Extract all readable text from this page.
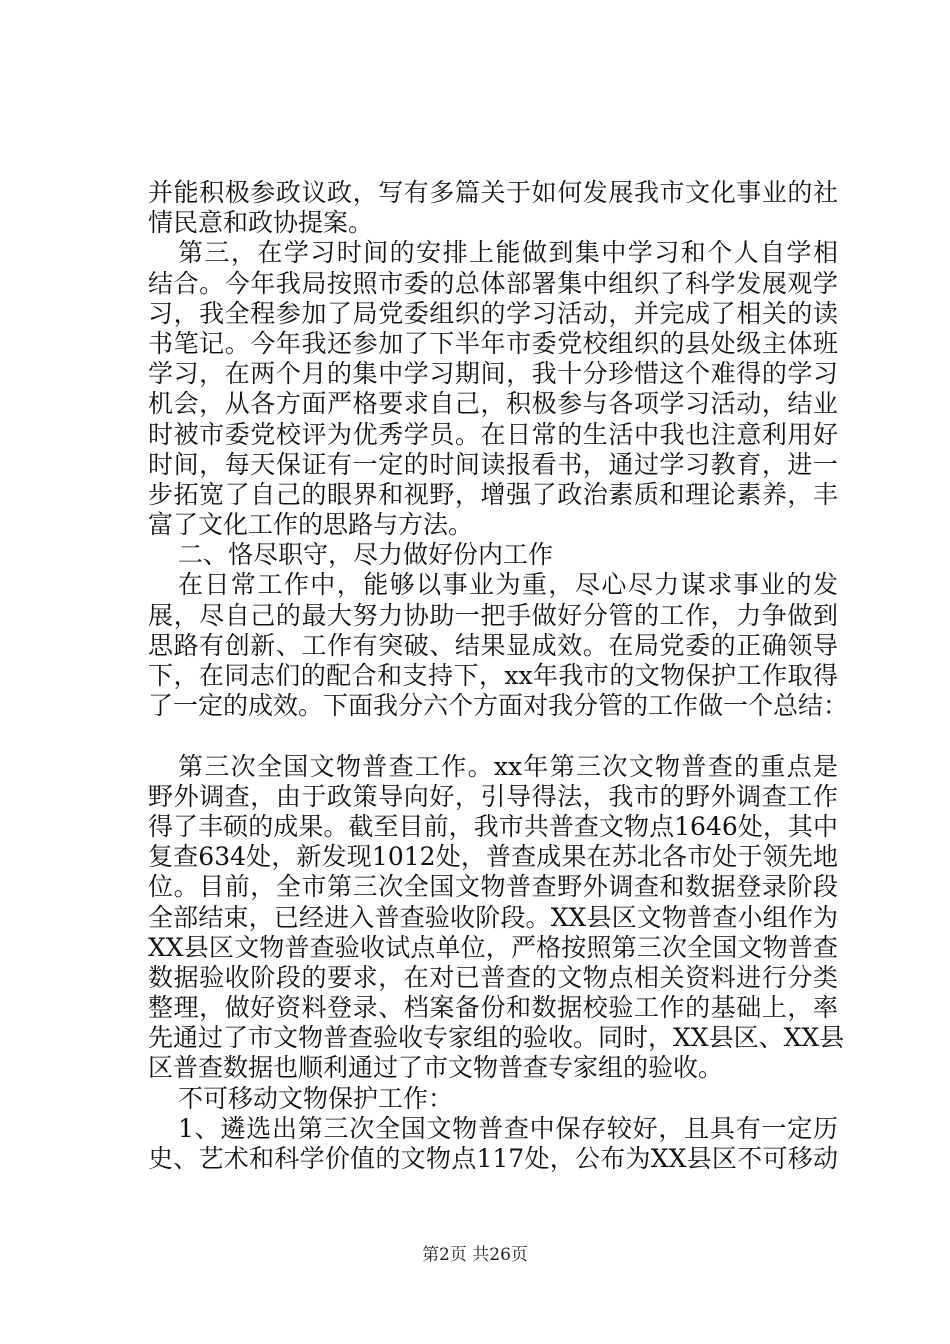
并能积极参政议政，写有多篇关于如何发展我市文化事业的社
情民意和政协提案。
第三，在学习时间的安排上能做到集中学习和个人自学相
结合。今年我局按照市委的总体部署集中组织了科学发展观学
习，我全程参加了局党委组织的学习活动，并完成了相关的读
书笔记。今年我还参加了下半年市委党校组织的县处级主体班
学习，在两个月的集中学习期间，我十分珍惜这个难得的学习
机会，从各方面严格要求自己，积极参与各项学习活动，结业
时被市委党校评为优秀学员。在日常的生活中我也注意利用好
时间，每天保证有一定的时间读报看书，通过学习教育，进一
步拓宽了自己的眼界和视野，增强了政治素质和理论素养，丰
富了文化工作的思路与方法。
二、恪尽职守，尽力做好份内工作
在日常工作中，能够以事业为重，尽心尽力谋求事业的发
展，尽自己的最大努力协助一把手做好分管的工作，力争做到
思路有创新、工作有突破、结果显成效。在局党委的正确领导
下，在同志们的配合和支持下，xx年我市的文物保护工作取得
了一定的成效。下面我分六个方面对我分管的工作做一个总结：
第三次全国文物普查工作。xx年第三次文物普查的重点是
野外调查，由于政策导向好，引导得法，我市的野外调查工作
得了丰硕的成果。截至目前，我市共普查文物点1646处，其中
复查634处，新发现1012处，普查成果在苏北各市处于领先地
位。目前，全市第三次全国文物普查野外调查和数据登录阶段
全部结束，已经进入普查验收阶段。XX县区文物普查小组作为
XX县区文物普查验收试点单位，严格按照第三次全国文物普查
数据验收阶段的要求，在对已普查的文物点相关资料进行分类
整理，做好资料登录、档案备份和数据校验工作的基础上，率
先通过了市文物普查验收专家组的验收。同时，XX县区、XX县
区普查数据也顺利通过了市文物普查专家组的验收。
不可移动文物保护工作：
1、遴选出第三次全国文物普查中保存较好，且具有一定历
史、艺术和科学价值的文物点117处，公布为XX县区不可移动
第2页 共26页
